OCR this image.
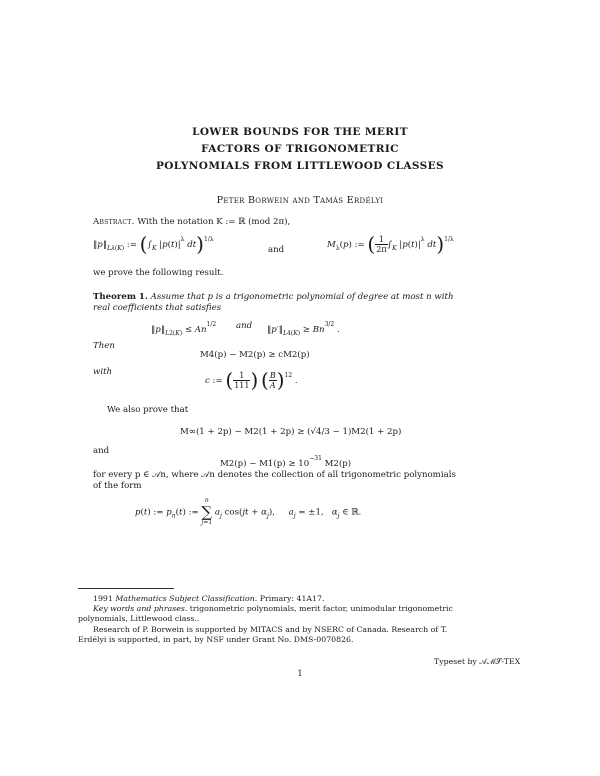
LOWER BOUNDS FOR THE MERIT
FACTORS OF TRIGONOMETRIC
POLYNOMIALS FROM LITTLEWOOD CLASSES
Peter Borwein and Tamás Erdélyi
Abstract. With the notation K := ℝ (mod 2π),
$‖p‖_{L\lambda(K)}$ := ($\int_K$ $|p(t)|^\lambda$ dt)$^{1/\lambda}$
and	$M_\lambda(p)$ := ( $\frac{1}{2\pi} \int_K$ $|p(t)|^\lambda$ dt)$^{1/\lambda}$
we prove the following result.
Theorem 1. Assume that p is a trigonometric polynomial of degree at most n with
real coefficients that satisfies
$‖p‖_{L2(K)} \le An^{1/2}$ and $‖p'‖_{L4(K)} \ge Bn^{3/2}$ .
Then
M4(p) − M2(p) ≥ cM2(p)
with
c := ( $\frac{1}{111}$ ) ( $\frac{B}{A} )^{12}$ .
We also prove that
M∞(1 + 2p) − M2(1 + 2p) ≥ (√4/3 − 1)M2(1 + 2p)
and
$M2(p) - M1(p) \ge 10^{-31}$ M2(p)
for every p ∈ 𝒜n, where 𝒜n denotes the collection of all trigonometric polynomials
of the form
p(t) := $p_n(t)$ :=
n
∑
j=1
$a_j$ $\cos(jt + \alpha_j)$,     $a_j = \pm 1$,   $\alpha_j$ ∈ ℝ.
1991 Mathematics Subject Classification. Primary: 41A17.
Key words and phrases. trigonometric polynomials, merit factor, unimodular trigonometric
polynomials, Littlewood class..
Research of P. Borwein is supported by MITACS and by NSERC of Canada. Research of T.
Erdélyi is supported, in part, by NSF under Grant No. DMS-0070826.
Typeset by 𝒜ℳ𝒮-TEX
1
